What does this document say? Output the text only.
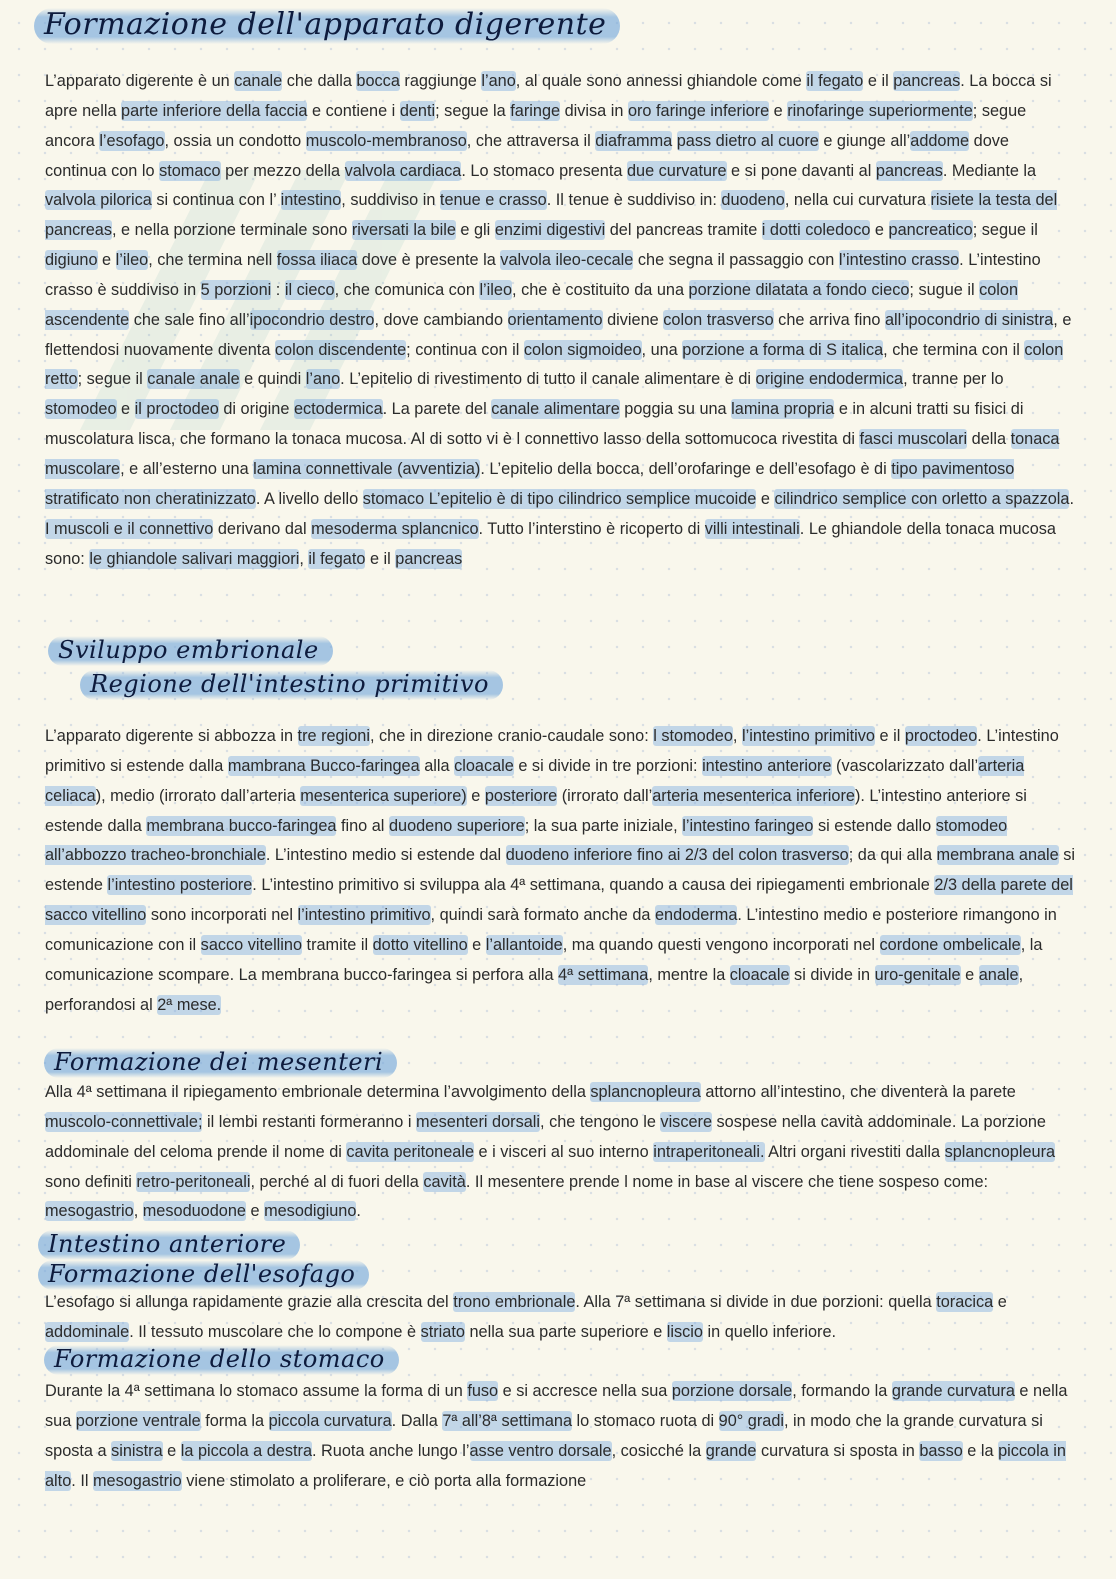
Formazione dell'apparato digerente

L’apparato digerente è un canale che dalla bocca raggiunge l’ano, al quale sono annessi ghiandole come il fegato e il pancreas. La bocca si apre nella parte inferiore della faccia e contiene i denti; segue la faringe divisa in oro faringe inferiore e rinofaringe superiormente; segue ancora l’esofago, ossia un condotto muscolo-membranoso, che attraversa il diaframma pass dietro al cuore e giunge all’addome dove continua con lo stomaco per mezzo della valvola cardiaca. Lo stomaco presenta due curvature e si pone davanti al pancreas. Mediante la valvola pilorica si continua con l’ intestino, suddiviso in tenue e crasso. Il tenue è suddiviso in: duodeno, nella cui curvatura risiete la testa del pancreas, e nella porzione terminale sono riversati la bile e gli enzimi digestivi del pancreas tramite i dotti coledoco e pancreatico; segue il digiuno e l’ileo, che termina nell fossa iliaca dove è presente la valvola ileo-cecale che segna il passaggio con l’intestino crasso. L’intestino crasso è suddiviso in 5 porzioni : il cieco, che comunica con l’ileo, che è costituito da una porzione dilatata a fondo cieco; sugue il colon ascendente che sale fino all’ipocondrio destro, dove cambiando orientamento diviene colon trasverso che arriva fino all’ipocondrio di sinistra, e flettendosi nuovamente diventa colon discendente; continua con il colon sigmoideo, una porzione a forma di S italica, che termina con il colon retto; segue il canale anale e quindi l’ano. L’epitelio di rivestimento di tutto il canale alimentare è di origine endodermica, tranne per lo stomodeo e il proctodeo di origine ectodermica. La parete del canale alimentare poggia su una lamina propria e in alcuni tratti su fisici di muscolatura lisca, che formano la tonaca mucosa. Al di sotto vi è l connettivo lasso della sottomucoca rivestita di fasci muscolari della tonaca muscolare, e all’esterno una lamina connettivale (avventizia). L’epitelio della bocca, dell’orofaringe e dell’esofago è di tipo pavimentoso stratificato non cheratinizzato. A livello dello stomaco L’epitelio è di tipo cilindrico semplice mucoide e cilindrico semplice con orletto a spazzola. I muscoli e il connettivo derivano dal mesoderma splancnico. Tutto l’interstino è ricoperto di villi intestinali. Le ghiandole della tonaca mucosa sono: le ghiandole salivari maggiori, il fegato e il pancreas

Sviluppo embrionale
Regione dell'intestino primitivo

L’apparato digerente si abbozza in tre regioni, che in direzione cranio-caudale sono: l stomodeo, l’intestino primitivo e il proctodeo. L’intestino primitivo si estende dalla mambrana Bucco-faringea alla cloacale e si divide in tre porzioni: intestino anteriore (vascolarizzato dall’arteria celiaca), medio (irrorato dall’arteria mesenterica superiore) e posteriore (irrorato dall’arteria mesenterica inferiore). L’intestino anteriore si estende dalla membrana bucco-faringea fino al duodeno superiore; la sua parte iniziale, l’intestino faringeo si estende dallo stomodeo all’abbozzo tracheo-bronchiale. L’intestino medio si estende dal duodeno inferiore fino ai 2/3 del colon trasverso; da qui alla membrana anale si estende l’intestino posteriore. L’intestino primitivo si sviluppa ala 4ª settimana, quando a causa dei ripiegamenti embrionale 2/3 della parete del sacco vitellino sono incorporati nel l’intestino primitivo, quindi sarà formato anche da endoderma. L’intestino medio e posteriore rimangono in comunicazione con il sacco vitellino tramite il dotto vitellino e l’allantoide, ma quando questi vengono incorporati nel cordone ombelicale, la comunicazione scompare. La membrana bucco-faringea si perfora alla 4ª settimana, mentre la cloacale si divide in uro-genitale e anale, perforandosi al 2ª mese.

Formazione dei mesenteri

Alla 4ª settimana il ripiegamento embrionale determina l’avvolgimento della splancnopleura attorno all’intestino, che diventerà la parete muscolo-connettivale; il lembi restanti formeranno i mesenteri dorsali, che tengono le viscere sospese nella cavità addominale. La porzione addominale del celoma prende il nome di cavita peritoneale e i visceri al suo interno intraperitoneali. Altri organi rivestiti dalla splancnopleura sono definiti retro-peritoneali, perché al di fuori della cavità. Il mesentere prende l nome in base al viscere che tiene sospeso come: mesogastrio, mesoduodone e mesodigiuno.

Intestino anteriore
Formazione dell'esofago

L’esofago si allunga rapidamente grazie alla crescita del trono embrionale. Alla 7ª settimana si divide in due porzioni: quella toracica e addominale. Il tessuto muscolare che lo compone è striato nella sua parte superiore e liscio in quello inferiore.

Formazione dello stomaco

Durante la 4ª settimana lo stomaco assume la forma di un fuso e si accresce nella sua porzione dorsale, formando la grande curvatura e nella sua porzione ventrale forma la piccola curvatura. Dalla 7ª all’8ª settimana lo stomaco ruota di 90° gradi, in modo che la grande curvatura si sposta a sinistra e la piccola a destra. Ruota anche lungo l’asse ventro dorsale, cosicché la grande curvatura si sposta in basso e la piccola in alto. Il mesogastrio viene stimolato a proliferare, e ciò porta alla formazione
